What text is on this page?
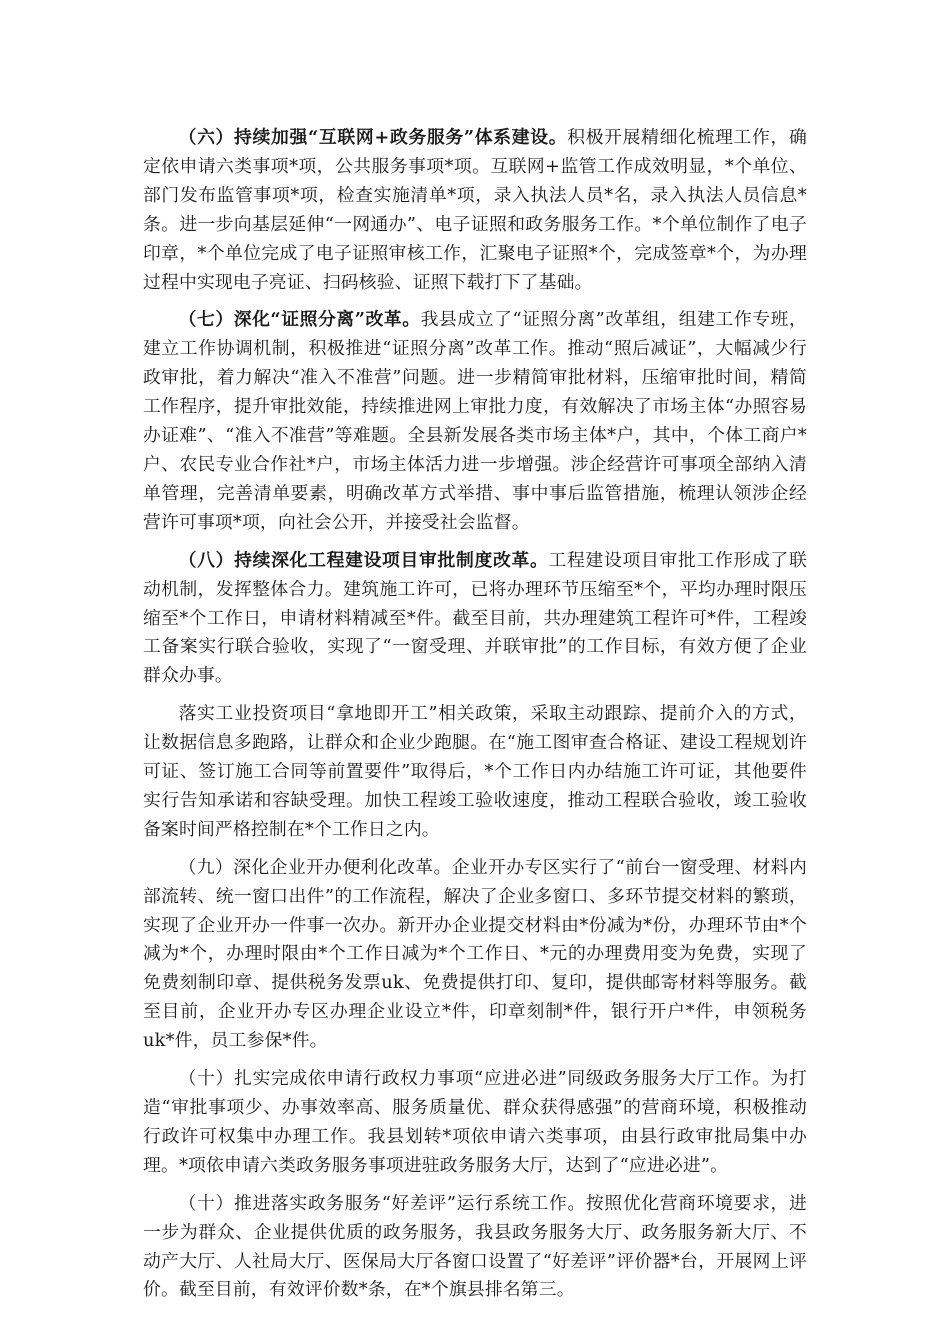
（六）持续加强“互联网+政务服务”体系建设。积极开展精细化梳理工作，确定依申请六类事项*项，公共服务事项*项。互联网+监管工作成效明显，*个单位、部门发布监管事项*项，检查实施清单*项，录入执法人员*名，录入执法人员信息*条。进一步向基层延伸“一网通办”、电子证照和政务服务工作。*个单位制作了电子印章，*个单位完成了电子证照审核工作，汇聚电子证照*个，完成签章*个，为办理过程中实现电子亮证、扫码核验、证照下载打下了基础。

（七）深化“证照分离”改革。我县成立了“证照分离”改革组，组建工作专班，建立工作协调机制，积极推进“证照分离”改革工作。推动“照后减证”，大幅减少行政审批，着力解决“准入不准营”问题。进一步精简审批材料，压缩审批时间，精简工作程序，提升审批效能，持续推进网上审批力度，有效解决了市场主体“办照容易办证难”、“准入不准营”等难题。全县新发展各类市场主体*户，其中，个体工商户*户、农民专业合作社*户，市场主体活力进一步增强。涉企经营许可事项全部纳入清单管理，完善清单要素，明确改革方式举措、事中事后监管措施，梳理认领涉企经营许可事项*项，向社会公开，并接受社会监督。

（八）持续深化工程建设项目审批制度改革。工程建设项目审批工作形成了联动机制，发挥整体合力。建筑施工许可，已将办理环节压缩至*个，平均办理时限压缩至*个工作日，申请材料精减至*件。截至目前，共办理建筑工程许可*件，工程竣工备案实行联合验收，实现了“一窗受理、并联审批”的工作目标，有效方便了企业群众办事。

落实工业投资项目“拿地即开工”相关政策，采取主动跟踪、提前介入的方式，让数据信息多跑路，让群众和企业少跑腿。在“施工图审查合格证、建设工程规划许可证、签订施工合同等前置要件”取得后，*个工作日内办结施工许可证，其他要件实行告知承诺和容缺受理。加快工程竣工验收速度，推动工程联合验收，竣工验收备案时间严格控制在*个工作日之内。

（九）深化企业开办便利化改革。企业开办专区实行了“前台一窗受理、材料内部流转、统一窗口出件”的工作流程，解决了企业多窗口、多环节提交材料的繁琐，实现了企业开办一件事一次办。新开办企业提交材料由*份减为*份，办理环节由*个减为*个，办理时限由*个工作日减为*个工作日、*元的办理费用变为免费，实现了免费刻制印章、提供税务发票uk、免费提供打印、复印，提供邮寄材料等服务。截至目前，企业开办专区办理企业设立*件，印章刻制*件，银行开户*件，申领税务uk*件，员工参保*件。

（十）扎实完成依申请行政权力事项“应进必进”同级政务服务大厅工作。为打造“审批事项少、办事效率高、服务质量优、群众获得感强”的营商环境，积极推动行政许可权集中办理工作。我县划转*项依申请六类事项，由县行政审批局集中办理。*项依申请六类政务服务事项进驻政务服务大厅，达到了“应进必进”。

（十）推进落实政务服务“好差评”运行系统工作。按照优化营商环境要求，进一步为群众、企业提供优质的政务服务，我县政务服务大厅、政务服务新大厅、不动产大厅、人社局大厅、医保局大厅各窗口设置了“好差评”评价器*台，开展网上评价。截至目前，有效评价数*条，在*个旗县排名第三。
